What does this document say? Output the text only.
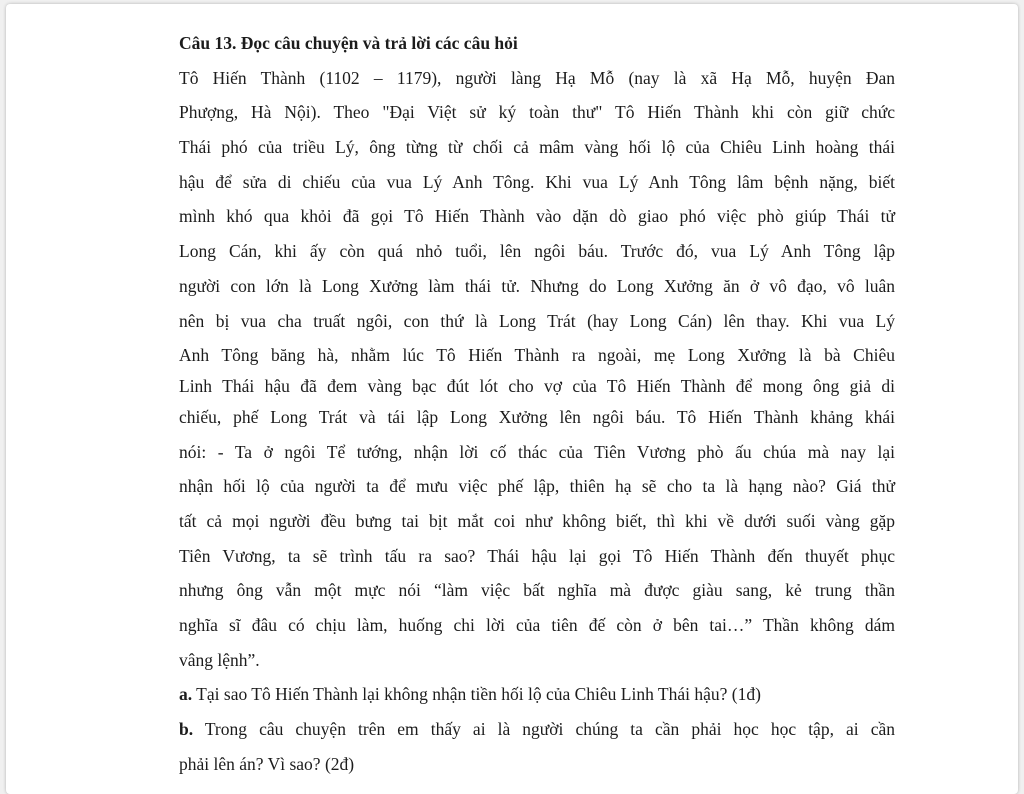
Câu 13. Đọc câu chuyện và trả lời các câu hỏi
Tô Hiến Thành (1102 – 1179), người làng Hạ Mỗ (nay là xã Hạ Mỗ, huyện Đan
Phượng, Hà Nội). Theo "Đại Việt sử ký toàn thư" Tô Hiến Thành khi còn giữ chức
Thái phó của triều Lý, ông từng từ chối cả mâm vàng hối lộ của Chiêu Linh hoàng thái
hậu để sửa di chiếu của vua Lý Anh Tông. Khi vua Lý Anh Tông lâm bệnh nặng, biết
mình khó qua khỏi đã gọi Tô Hiến Thành vào dặn dò giao phó việc phò giúp Thái tử
Long Cán, khi ấy còn quá nhỏ tuổi, lên ngôi báu. Trước đó, vua Lý Anh Tông lập
người con lớn là Long Xưởng làm thái tử. Nhưng do Long Xưởng ăn ở vô đạo, vô luân
nên bị vua cha truất ngôi, con thứ là Long Trát (hay Long Cán) lên thay. Khi vua Lý
Anh Tông băng hà, nhằm lúc Tô Hiến Thành ra ngoài, mẹ Long Xưởng là bà Chiêu
Linh Thái hậu đã đem vàng bạc đút lót cho vợ của Tô Hiến Thành để mong ông giả di
chiếu, phế Long Trát và tái lập Long Xưởng lên ngôi báu. Tô Hiến Thành khảng khái
nói: - Ta ở ngôi Tể tướng, nhận lời cố thác của Tiên Vương phò ấu chúa mà nay lại
nhận hối lộ của người ta để mưu việc phế lập, thiên hạ sẽ cho ta là hạng nào? Giá thử
tất cả mọi người đều bưng tai bịt mắt coi như không biết, thì khi về dưới suối vàng gặp
Tiên Vương, ta sẽ trình tấu ra sao? Thái hậu lại gọi Tô Hiến Thành đến thuyết phục
nhưng ông vẫn một mực nói “làm việc bất nghĩa mà được giàu sang, kẻ trung thần
nghĩa sĩ đâu có chịu làm, huống chi lời của tiên đế còn ở bên tai…” Thần không dám
vâng lệnh”.
a. Tại sao Tô Hiến Thành lại không nhận tiền hối lộ của Chiêu Linh Thái hậu? (1đ)
b. Trong câu chuyện trên em thấy ai là người chúng ta cần phải học học tập, ai cần
phải lên án? Vì sao? (2đ)
